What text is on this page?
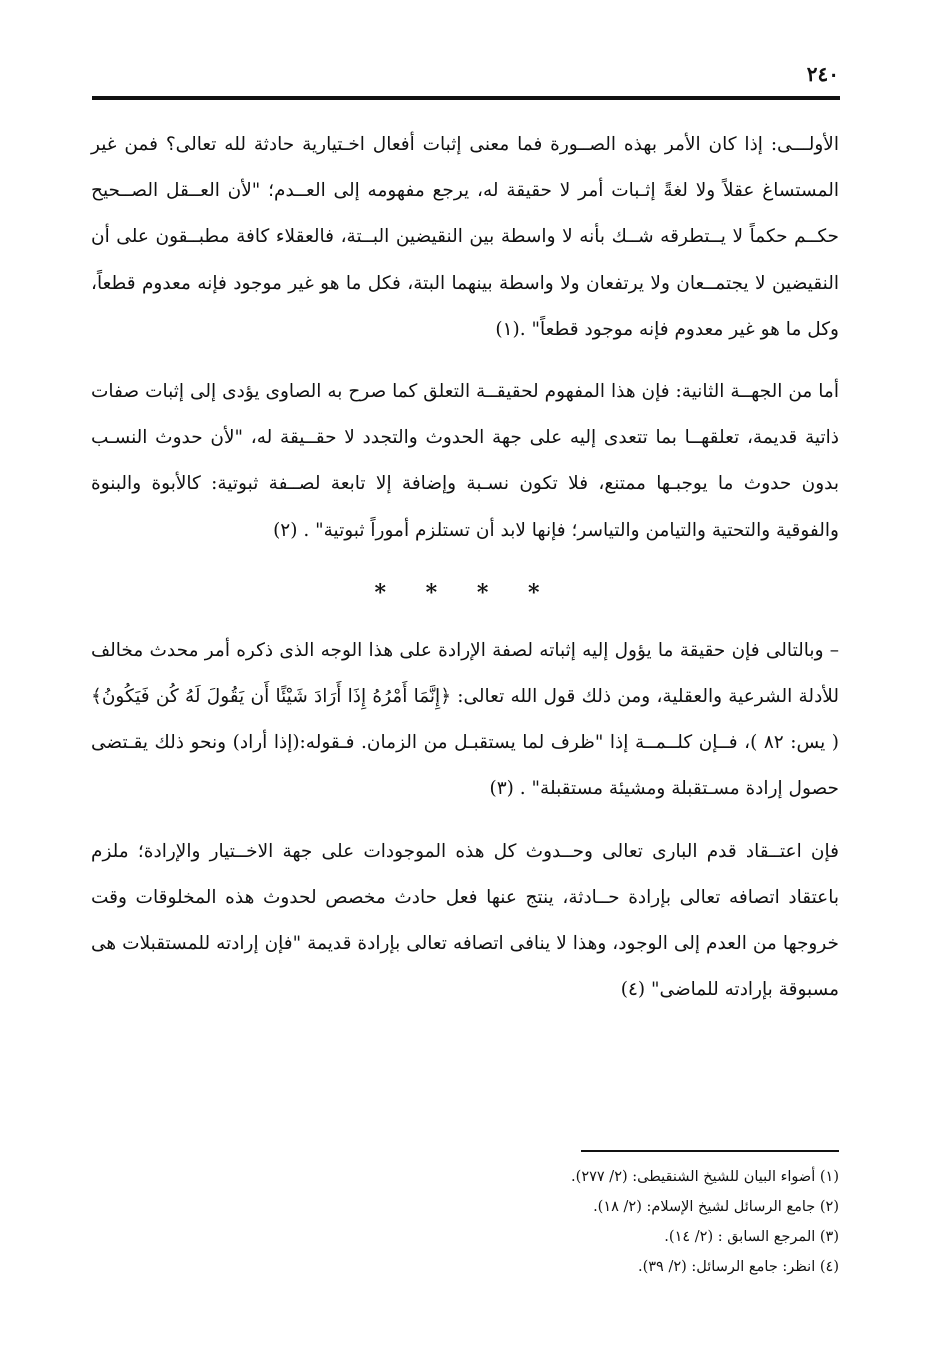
٢٤٠

الأولـــى: إذا كان الأمر بهذه الصــورة فما معنى إثبات أفعال اخـتيارية حادثة لله تعالى؟ فمن غير المستساغ عقلاً ولا لغةً إثـبات أمر لا حقيقة له، يرجع مفهومه إلى العــدم؛ "لأن العــقل الصــحيح حكــم حكماً لا يــتطرقه شــك بأنه لا واسطة بين النقيضين البــتة، فالعقلاء كافة مطبــقون على أن النقيضين لا يجتمــعان ولا يرتفعان ولا واسطة بينهما البتة، فكل ما هو غير موجود فإنه معدوم قطعاً، وكل ما هو غير معدوم فإنه موجود قطعاً" .(١)

أما من الجهــة الثانية: فإن هذا المفهوم لحقيقــة التعلق كما صرح به الصاوى يؤدى إلى إثبات صفات ذاتية قديمة، تعلقهــا بما تتعدى إليه على جهة الحدوث والتجدد لا حقــيقة له، "لأن حدوث النسـب بدون حدوث ما يوجبـها ممتنع، فلا تكون نسـبة وإضافة إلا تابعة لصــفة ثبوتية: كالأبوة والبنوة والفوقية والتحتية والتيامن والتياسر؛ فإنها لابد أن تستلزم أموراً ثبوتية" . (٢)

* * * *

– وبالتالى فإن حقيقة ما يؤول إليه إثباته لصفة الإرادة على هذا الوجه الذى ذكره أمر محدث مخالف للأدلة الشرعية والعقلية، ومن ذلك قول الله تعالى: ﴿إِنَّمَا أَمْرُهُ إِذَا أَرَادَ شَيْئًا أَن يَقُولَ لَهُ كُن فَيَكُونُ﴾ ( يس: ٨٢ )، فــإن كلــمــة إذا "ظرف لما يستقبـل من الزمان. فـقوله:(إذا أراد) ونحو ذلك يقـتضى حصول إرادة مسـتقبلة ومشيئة مستقبلة" . (٣)

فإن اعتــقاد قدم البارى تعالى وحــدوث كل هذه الموجودات على جهة الاخــتيار والإرادة؛ ملزم باعتقاد اتصافه تعالى بإرادة حــادثة، ينتج عنها فعل حادث مخصص لحدوث هذه المخلوقات وقت خروجها من العدم إلى الوجود، وهذا لا ينافى اتصافه تعالى بإرادة قديمة "فإن إرادته للمستقبلات هى مسبوقة بإرادته للماضى" (٤)

(١) أضواء البيان للشيخ الشنقيطى: (٢/ ٢٧٧).
(٢) جامع الرسائل لشيخ الإسلام: (٢/ ١٨).
(٣) المرجع السابق : (٢/ ١٤).
(٤) انظر: جامع الرسائل: (٢/ ٣٩).
